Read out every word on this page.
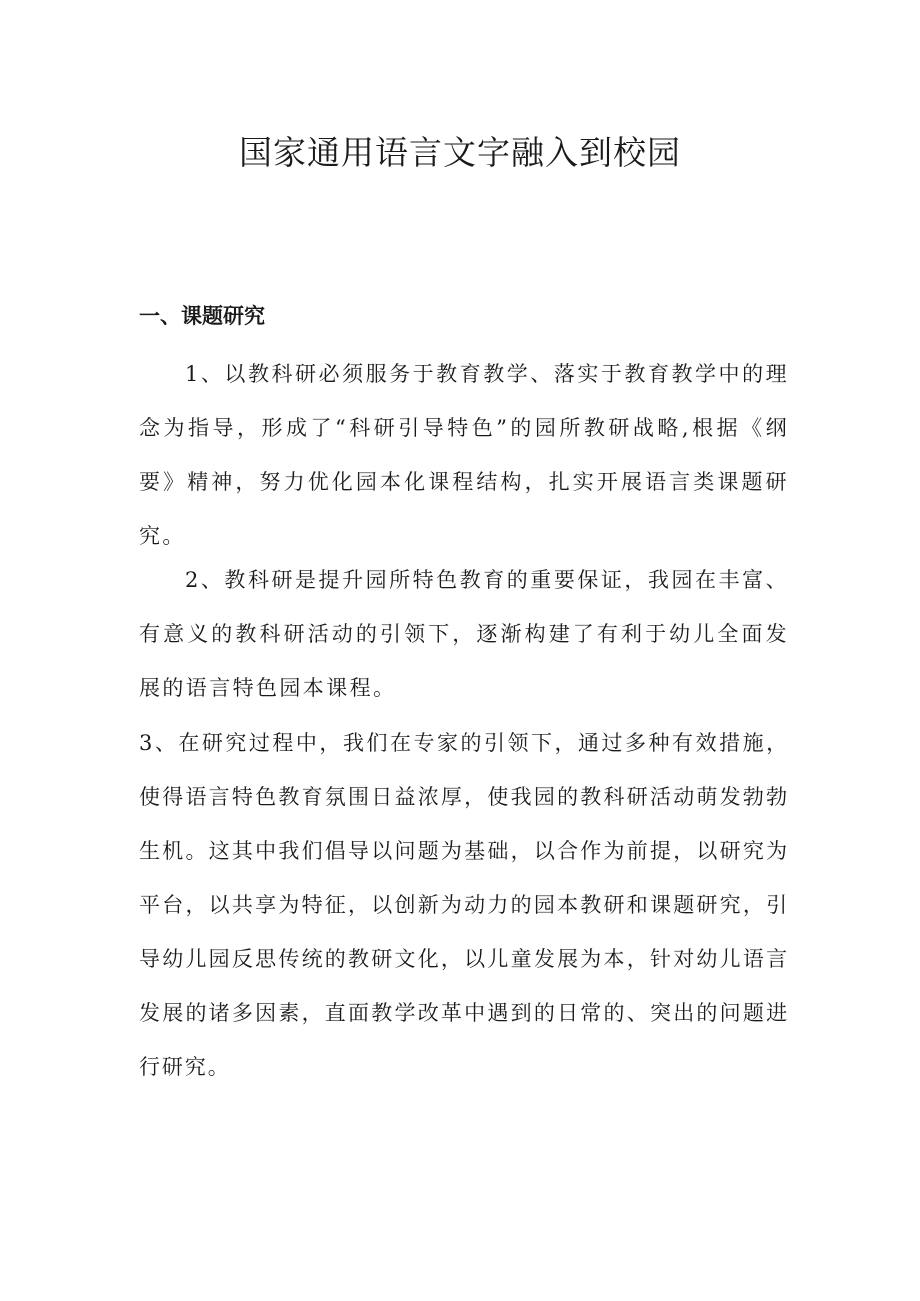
国家通用语言文字融入到校园
一、课题研究

1、以教科研必须服务于教育教学、落实于教育教学中的理念为指导，形成了“科研引导特色”的园所教研战略,根据《纲要》精神，努力优化园本化课程结构，扎实开展语言类课题研究。

2、教科研是提升园所特色教育的重要保证，我园在丰富、有意义的教科研活动的引领下，逐渐构建了有利于幼儿全面发展的语言特色园本课程。

3、在研究过程中，我们在专家的引领下，通过多种有效措施，使得语言特色教育氛围日益浓厚，使我园的教科研活动萌发勃勃生机。这其中我们倡导以问题为基础，以合作为前提，以研究为平台，以共享为特征，以创新为动力的园本教研和课题研究，引导幼儿园反思传统的教研文化，以儿童发展为本，针对幼儿语言发展的诸多因素，直面教学改革中遇到的日常的、突出的问题进行研究。
